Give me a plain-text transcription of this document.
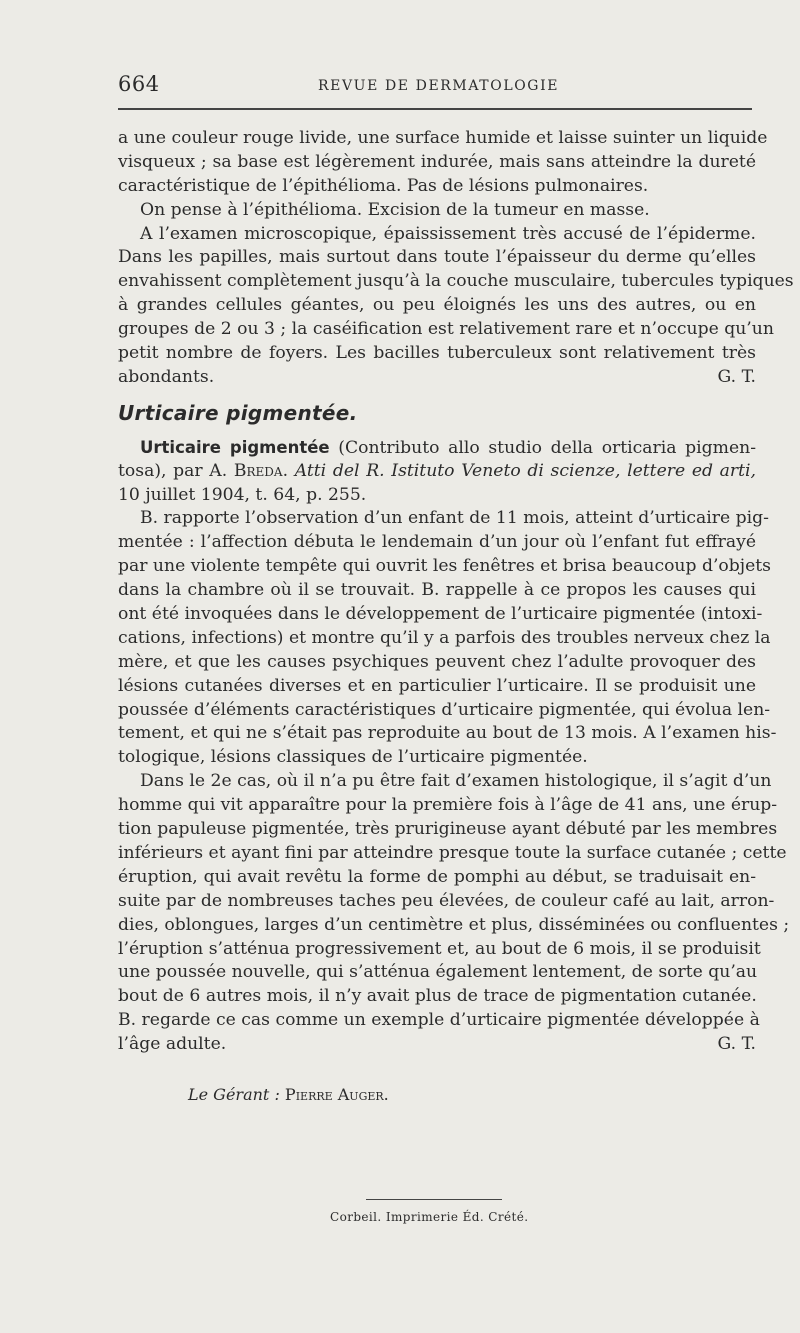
664	REVUE DE DERMATOLOGIE
a une couleur rouge livide, une surface humide et laisse suinter un liquide
visqueux ; sa base est légèrement indurée, mais sans atteindre la dureté
caractéristique de l’épithélioma. Pas de lésions pulmonaires.
On pense à l’épithélioma. Excision de la tumeur en masse.
A l’examen microscopique, épaississement très accusé de l’épiderme.
Dans les papilles, mais surtout dans toute l’épaisseur du derme qu’elles
envahissent complètement jusqu’à la couche musculaire, tubercules typiques
à grandes cellules géantes, ou peu éloignés les uns des autres, ou en
groupes de 2 ou 3 ; la caséification est relativement rare et n’occupe qu’un
petit nombre de foyers. Les bacilles tuberculeux sont relativement très
abondants.	G. T.
Urticaire pigmentée.
Urticaire pigmentée (Contributo allo studio della orticaria pigmen-
tosa), par A. Breda. Atti del R. Istituto Veneto di scienze, lettere ed arti,
10 juillet 1904, t. 64, p. 255.
B. rapporte l’observation d’un enfant de 11 mois, atteint d’urticaire pig-
mentée : l’affection débuta le lendemain d’un jour où l’enfant fut effrayé
par une violente tempête qui ouvrit les fenêtres et brisa beaucoup d’objets
dans la chambre où il se trouvait. B. rappelle à ce propos les causes qui
ont été invoquées dans le développement de l’urticaire pigmentée (intoxi-
cations, infections) et montre qu’il y a parfois des troubles nerveux chez la
mère, et que les causes psychiques peuvent chez l’adulte provoquer des
lésions cutanées diverses et en particulier l’urticaire. Il se produisit une
poussée d’éléments caractéristiques d’urticaire pigmentée, qui évolua len-
tement, et qui ne s’était pas reproduite au bout de 13 mois. A l’examen his-
tologique, lésions classiques de l’urticaire pigmentée.
Dans le 2e cas, où il n’a pu être fait d’examen histologique, il s’agit d’un
homme qui vit apparaître pour la première fois à l’âge de 41 ans, une érup-
tion papuleuse pigmentée, très prurigineuse ayant débuté par les membres
inférieurs et ayant fini par atteindre presque toute la surface cutanée ; cette
éruption, qui avait revêtu la forme de pomphi au début, se traduisait en-
suite par de nombreuses taches peu élevées, de couleur café au lait, arron-
dies, oblongues, larges d’un centimètre et plus, disséminées ou confluentes ;
l’éruption s’atténua progressivement et, au bout de 6 mois, il se produisit
une poussée nouvelle, qui s’atténua également lentement, de sorte qu’au
bout de 6 autres mois, il n’y avait plus de trace de pigmentation cutanée.
B. regarde ce cas comme un exemple d’urticaire pigmentée développée à
l’âge adulte.	G. T.
Le Gérant : Pierre Auger.
Corbeil. Imprimerie Éd. Crété.
